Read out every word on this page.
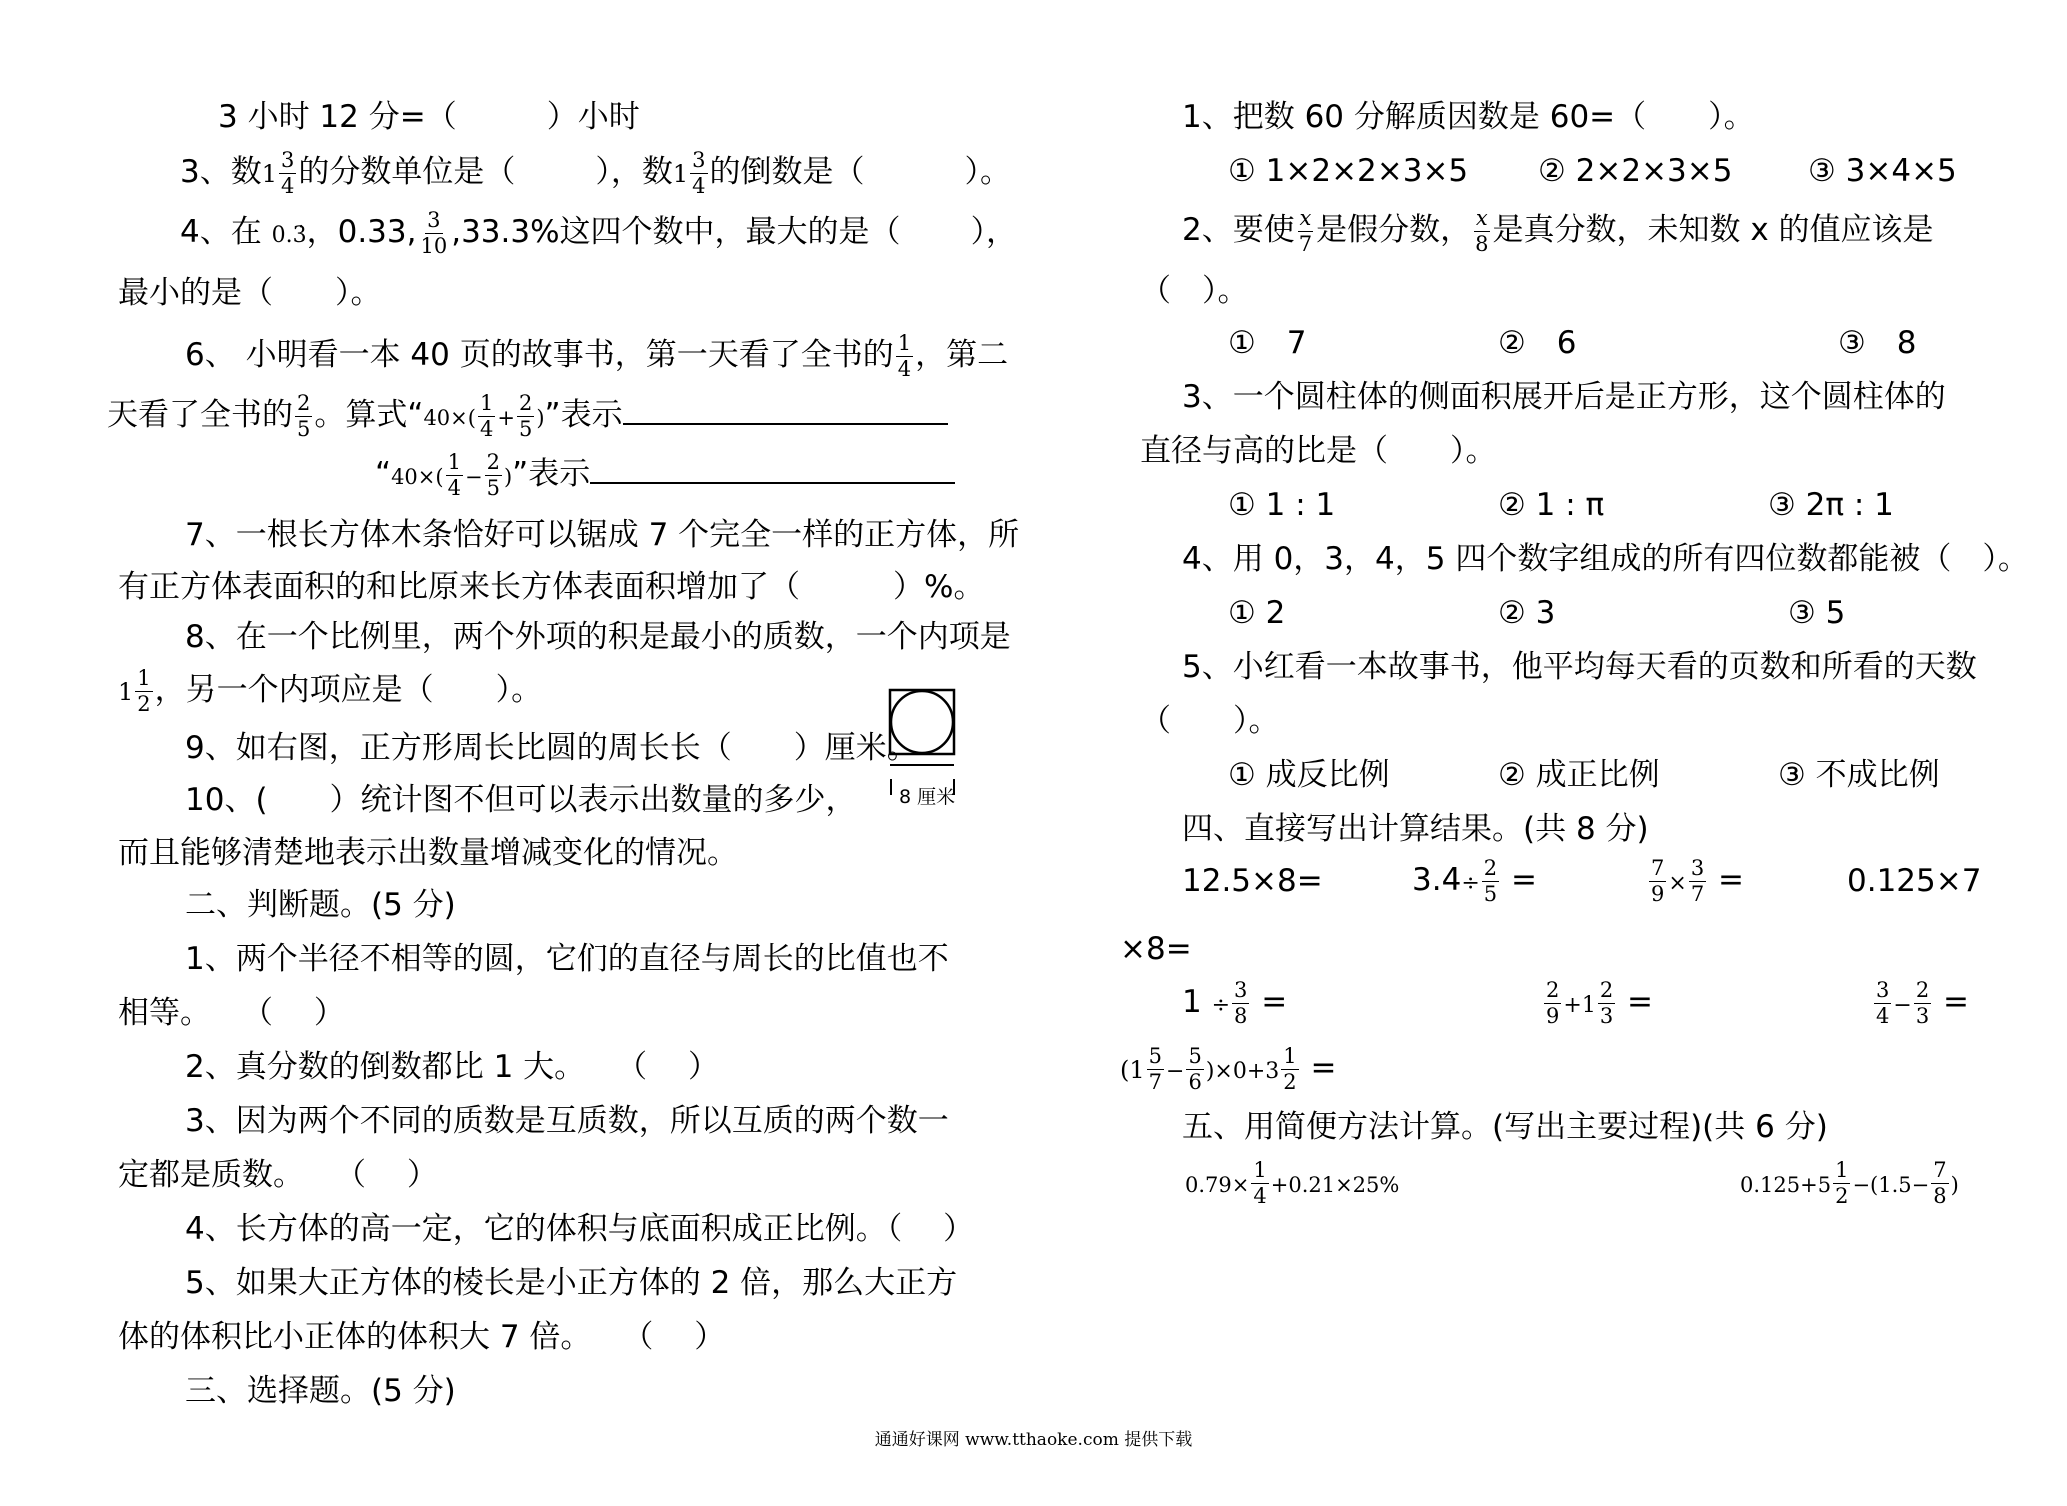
3 小时 12 分=（	）小时
3、数$1 \frac{3}{4}$ 的分数单位是（	），数$1 \frac{3}{4}$ 的倒数是（	）。
4、在 0.3̇，0.33, $\frac{3}{10} ,33.3\%$这四个数中，最大的是（ ），
最小的是（　　）。
6、 小明看一本 40 页的故事书，第一天看了全书的 $\frac{1}{4}$ ，第二
天看了全书的 $\frac{2}{5}$ 。算式“$40\times( \frac{1}{4} + \frac{2}{5}$ )”表示
“$40\times( \frac{1}{4} - \frac{2}{5}$ )”表示
7、一根长方体木条恰好可以锯成 7 个完全一样的正方体，所
有正方体表面积的和比原来长方体表面积增加了（　　　）%。
8、在一个比例里，两个外项的积是最小的质数，一个内项是
$1 \frac{1}{2}$ ，另一个内项应是（　　）。
9、如右图，正方形周长比圆的周长长（　　）厘米。
10、(　　）统计图不但可以表示出数量的多少， 8 厘米
而且能够清楚地表示出数量增减变化的情况。
二、判断题。(5 分)
1、两个半径不相等的圆，它们的直径与周长的比值也不
相等。　　（　 ）
2、真分数的倒数都比 1 大。　　（　 ）
3、因为两个不同的质数是互质数，所以互质的两个数一
定都是质数。　　（　 ）
4、长方体的高一定，它的体积与底面积成正比例。（　 ）
5、如果大正方体的棱长是小正方体的 2 倍，那么大正方
体的体积比小正体的体积大 7 倍。　　（　 ）
三、选择题。(5 分)
1、把数 60 分解质因数是 60=（　　）。
① 1×2×2×3×5 ② 2×2×3×5 ③ 3×4×5
2、要使 $\frac{x}{7}$ 是假分数， $\frac{x}{8}$ 是真分数，未知数 x 的值应该是
（　）。
①　7	②　6	③　8
3、一个圆柱体的侧面积展开后是正方形，这个圆柱体的
直径与高的比是（　　）。
① 1 : 1	② 1 : π	③ 2π : 1
4、用 0，3，4，5 四个数字组成的所有四位数都能被（　）。
① 2	② 3	③ 5
5、小红看一本故事书，他平均每天看的页数和所看的天数
（　　）。
① 成反比例	② 成正比例	③ 不成比例
四、直接写出计算结果。(共 8 分)
12.5×8=	$3.4\div \frac{2}{5}$ =	$\frac{7}{9} \times \frac{3}{7}$ =	0.125×7
×8=
$1 \div \frac{3}{8}$ =	$\frac{2}{9} +1 \frac{2}{3}$ =	$\frac{3}{4} - \frac{2}{3}$ =
$(1 \frac{5}{7} - \frac{5}{6} )\times 0+3 \frac{1}{2}$ =
五、用简便方法计算。(写出主要过程)(共 6 分)
$0.79\times \frac{1}{4} +0.21\times 25\%$	$0.125+5 \frac{1}{2} -(1.5- \frac{7}{8}$ )
通通好课网 www.tthaoke.com 提供下载
